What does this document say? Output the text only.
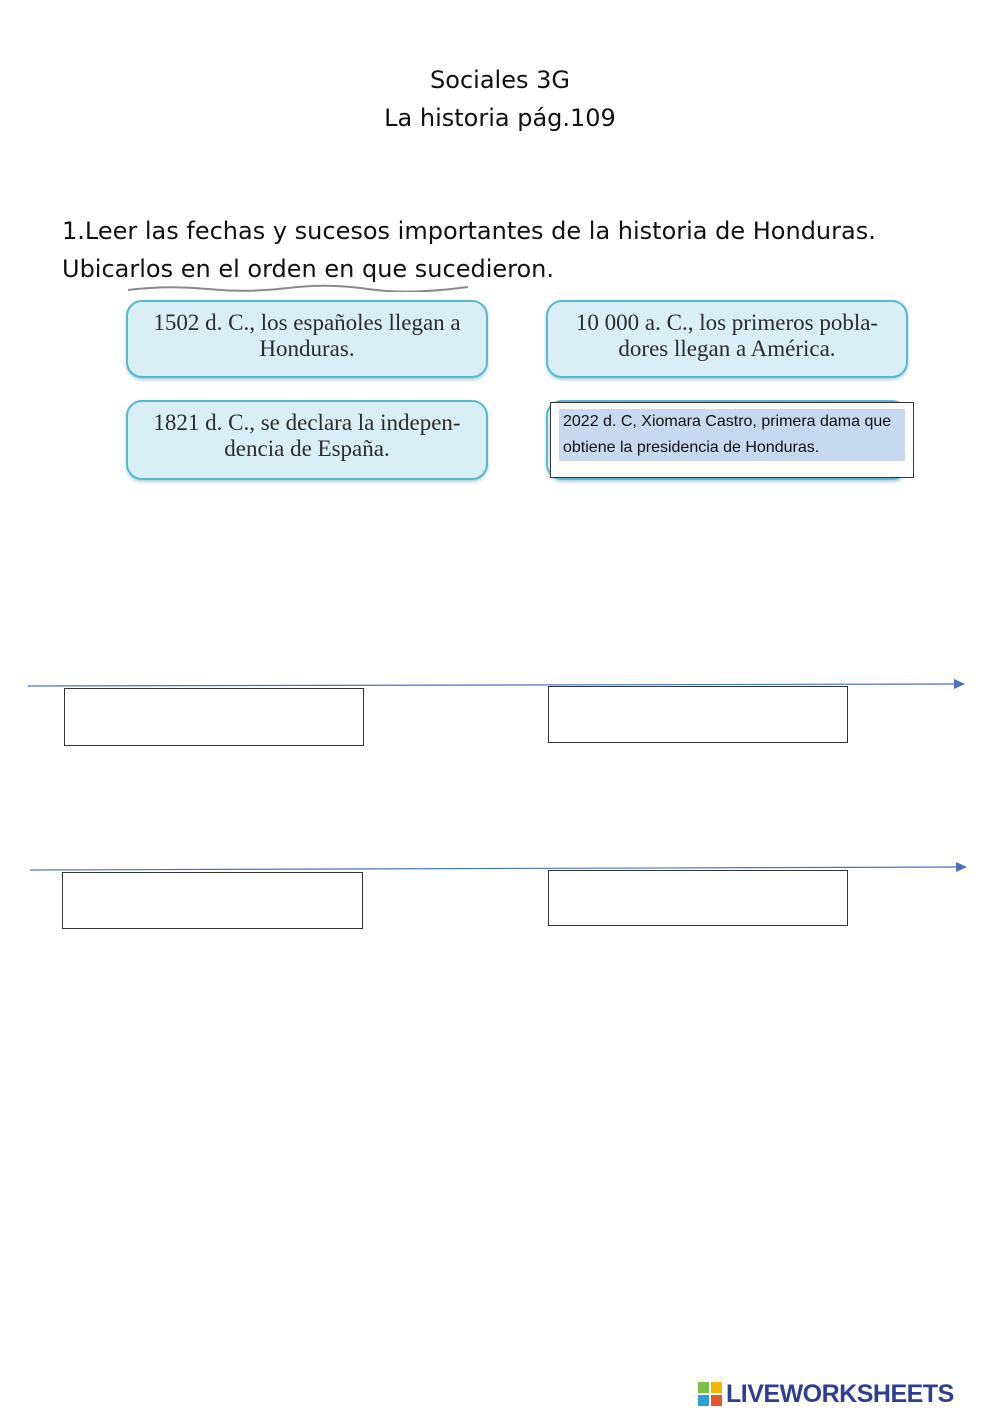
Sociales 3G
La historia pág.109
1.Leer las fechas y sucesos importantes de la historia de Honduras.
Ubicarlos en el orden en que sucedieron.
1502 d. C., los españoles llegan a Honduras.
10 000 a. C., los primeros pobla-dores llegan a América.
1821 d. C., se declara la indepen-dencia de España.
2022 d. C, Xiomara Castro, primera dama que obtiene la presidencia de Honduras.
LIVEWORKSHEETS
